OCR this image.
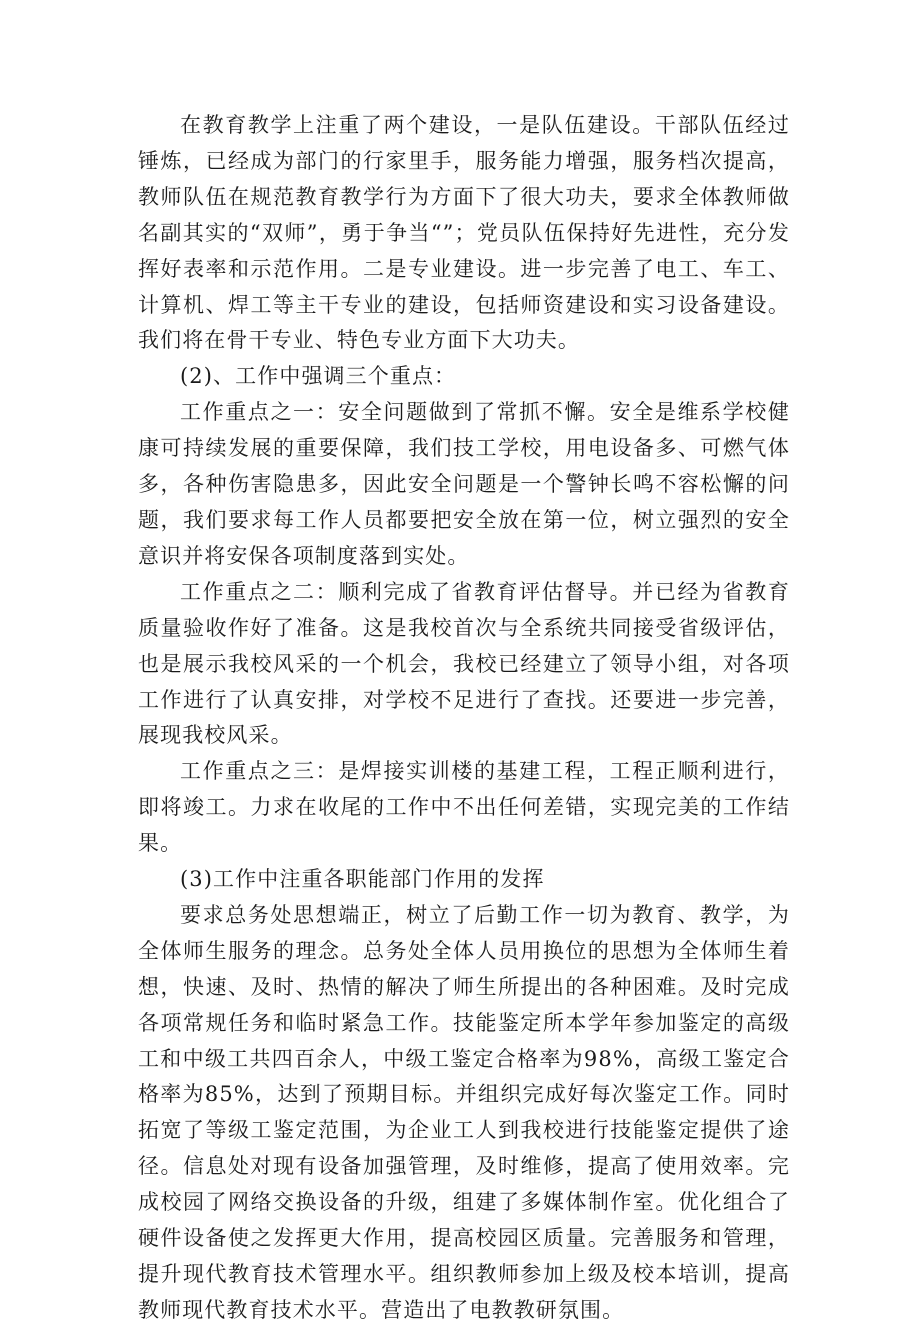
在教育教学上注重了两个建设，一是队伍建设。干部队伍经过锤炼，已经成为部门的行家里手，服务能力增强，服务档次提高，教师队伍在规范教育教学行为方面下了很大功夫，要求全体教师做名副其实的“双师”，勇于争当“”；党员队伍保持好先进性，充分发挥好表率和示范作用。二是专业建设。进一步完善了电工、车工、计算机、焊工等主干专业的建设，包括师资建设和实习设备建设。我们将在骨干专业、特色专业方面下大功夫。

(2)、工作中强调三个重点：

工作重点之一：安全问题做到了常抓不懈。安全是维系学校健康可持续发展的重要保障，我们技工学校，用电设备多、可燃气体多，各种伤害隐患多，因此安全问题是一个警钟长鸣不容松懈的问题，我们要求每工作人员都要把安全放在第一位，树立强烈的安全意识并将安保各项制度落到实处。

工作重点之二：顺利完成了省教育评估督导。并已经为省教育质量验收作好了准备。这是我校首次与全系统共同接受省级评估，也是展示我校风采的一个机会，我校已经建立了领导小组，对各项工作进行了认真安排，对学校不足进行了查找。还要进一步完善，展现我校风采。

工作重点之三：是焊接实训楼的基建工程，工程正顺利进行，即将竣工。力求在收尾的工作中不出任何差错，实现完美的工作结果。

(3)工作中注重各职能部门作用的发挥

要求总务处思想端正，树立了后勤工作一切为教育、教学，为全体师生服务的理念。总务处全体人员用换位的思想为全体师生着想，快速、及时、热情的解决了师生所提出的各种困难。及时完成各项常规任务和临时紧急工作。技能鉴定所本学年参加鉴定的高级工和中级工共四百余人，中级工鉴定合格率为98%，高级工鉴定合格率为85%，达到了预期目标。并组织完成好每次鉴定工作。同时拓宽了等级工鉴定范围，为企业工人到我校进行技能鉴定提供了途径。信息处对现有设备加强管理，及时维修，提高了使用效率。完成校园了网络交换设备的升级，组建了多媒体制作室。优化组合了硬件设备使之发挥更大作用，提高校园区质量。完善服务和管理，提升现代教育技术管理水平。组织教师参加上级及校本培训，提高教师现代教育技术水平。营造出了电教教研氛围。
